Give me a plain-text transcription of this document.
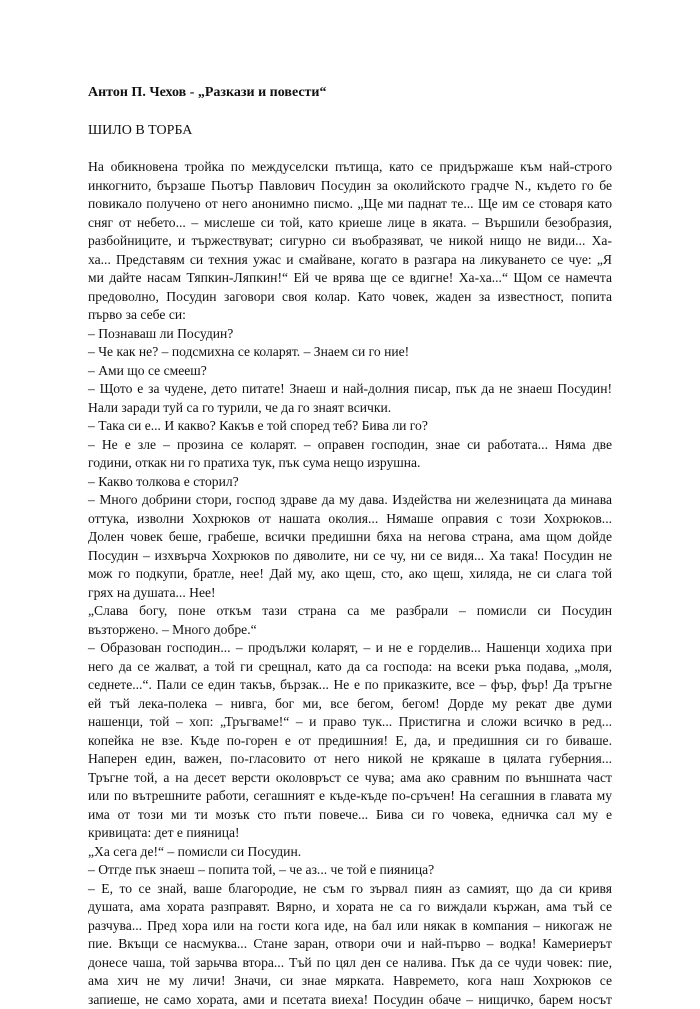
Антон П. Чехов - „Разкази и повести“
ШИЛО В ТОРБА
На обикновена тройка по междуселски пътища, като се придържаше към най-строго
инкогнито, бързаше Пьотър Павлович Посудин за околийското градче N., където го бе
повикало получено от него анонимно писмо. „Ще ми паднат те... Ще им се стоваря като
сняг от небето... – мислеше си той, като криеше лице в яката. – Вършили безобразия,
разбойниците, и тържествуват; сигурно си въобразяват, че никой нищо не види... Ха-
ха... Представям си техния ужас и смайване, когато в разгара на ликуването се чуе: „Я
ми дайте насам Тяпкин-Ляпкин!“ Ей че врява ще се вдигне! Ха-ха...“ Щом се намечта
предоволно, Посудин заговори своя колар. Като човек, жаден за известност, попита
първо за себе си:
– Познаваш ли Посудин?
– Че как не? – подсмихна се коларят. – Знаем си го ние!
– Ами що се смееш?
– Щото е за чудене, дето питате! Знаеш и най-долния писар, пък да не знаеш Посудин!
Нали заради туй са го турили, че да го знаят всички.
– Така си е... И какво? Какъв е той според теб? Бива ли го?
– Не е зле – прозина се коларят. – оправен господин, знае си работата... Няма две
години, откак ни го пратиха тук, пък сума нещо изрушна.
– Какво толкова е сторил?
– Много добрини стори, господ здраве да му дава. Издейства ни железницата да минава
оттука, изволни Хохрюков от нашата околия... Нямаше оправия с този Хохрюков...
Долен човек беше, грабеше, всички предишни бяха на негова страна, ама щом дойде
Посудин – изхвърча Хохрюков по дяволите, ни се чу, ни се видя... Ха така! Посудин не
мож го подкупи, братле, нее! Дай му, ако щеш, сто, ако щеш, хиляда, не си слага той
грях на душата... Нее!
„Слава богу, поне откъм тази страна са ме разбрали – помисли си Посудин
възторжено. – Много добре.“
– Образован господин... – продължи коларят, – и не е горделив... Нашенци ходиха при
него да се жалват, а той ги срещнал, като да са господа: на всеки ръка подава, „моля,
седнете...“. Пали се един такъв, бързак... Не е по приказките, все – фър, фър! Да тръгне
ей тъй лека-полека – нивга, бог ми, все бегом, бегом! Дорде му рекат две думи
нашенци, той – хоп: „Тръгваме!“ – и право тук... Пристигна и сложи всичко в ред...
копейка не взе. Къде по-горен е от предишния! Е, да, и предишния си го биваше.
Наперен един, важен, по-гласовито от него никой не крякаше в цялата губерния...
Тръгне той, а на десет версти околовръст се чува; ама ако сравним по външната част
или по вътрешните работи, сегашният е къде-къде по-сръчен! На сегашния в главата му
има от този ми ти мозък сто пъти повече... Бива си го човека, едничка сал му е
кривицата: дет е пияница!
„Ха сега де!“ – помисли си Посудин.
– Отгде пък знаеш – попита той, – че аз... че той е пияница?
– Е, то се знай, ваше благородие, не съм го зървал пиян аз самият, що да си кривя
душата, ама хората разправят. Вярно, и хората не са го виждали кържан, ама тъй се
разчува... Пред хора или на гости кога иде, на бал или някак в компания – никогаж не
пие. Вкъщи се насмуква... Стане заран, отвори очи и най-първо – водка! Камериерът
донесе чаша, той зарьчва втора... Тъй по цял ден се налива. Пък да се чуди човек: пие,
ама хич не му личи! Значи, си знае мярката. Навремето, кога наш Хохрюков се
запиеше, не само хората, ами и псетата виеха! Посудин обаче – нищичко, барем носът
